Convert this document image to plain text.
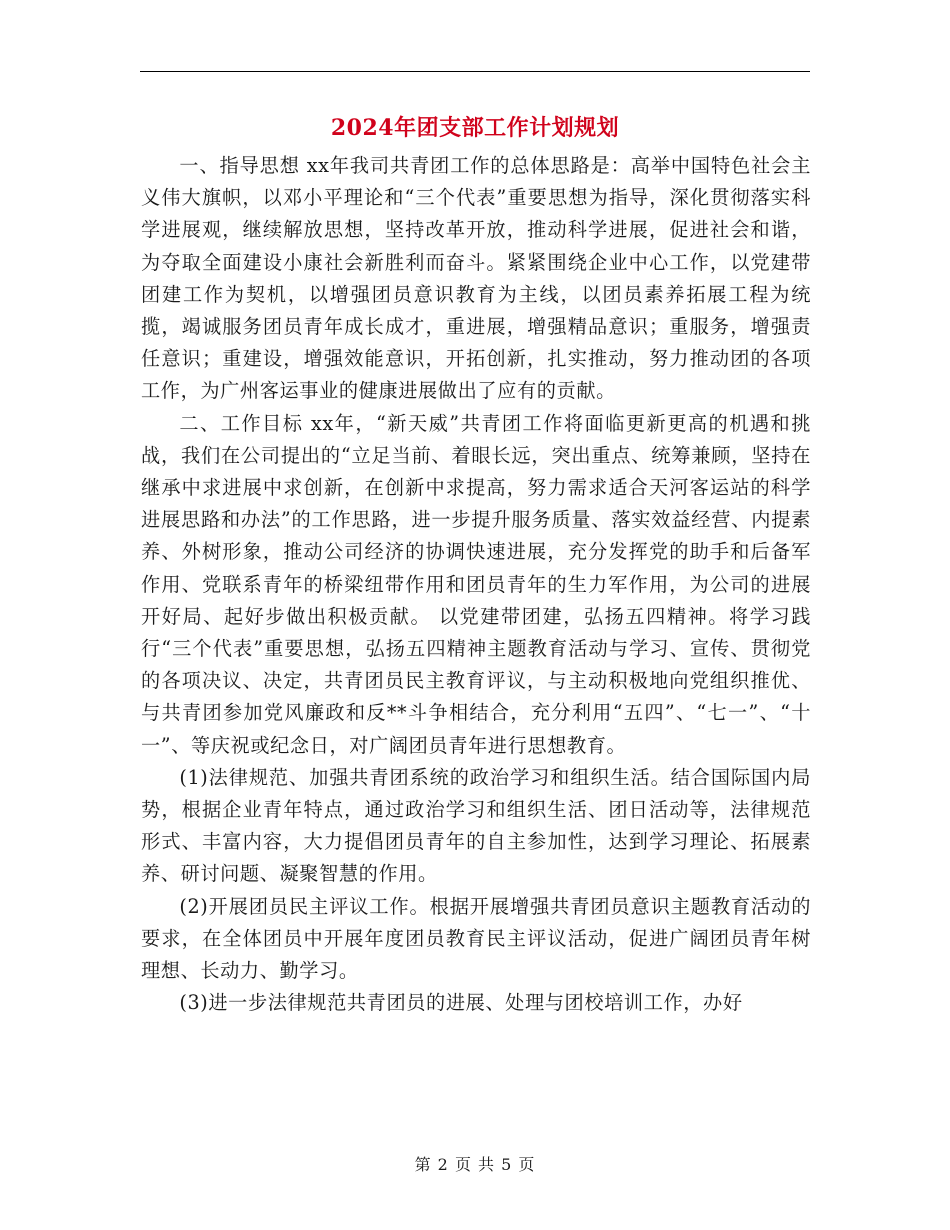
2024年团支部工作计划规划

一、指导思想 xx年我司共青团工作的总体思路是：高举中国特色社会主义伟大旗帜，以邓小平理论和“三个代表”重要思想为指导，深化贯彻落实科学进展观，继续解放思想，坚持改革开放，推动科学进展，促进社会和谐，为夺取全面建设小康社会新胜利而奋斗。紧紧围绕企业中心工作，以党建带团建工作为契机，以增强团员意识教育为主线，以团员素养拓展工程为统揽，竭诚服务团员青年成长成才，重进展，增强精品意识；重服务，增强责任意识；重建设，增强效能意识，开拓创新，扎实推动，努力推动团的各项工作，为广州客运事业的健康进展做出了应有的贡献。

二、工作目标 xx年，“新天威”共青团工作将面临更新更高的机遇和挑战，我们在公司提出的“立足当前、着眼长远，突出重点、统筹兼顾，坚持在继承中求进展中求创新，在创新中求提高，努力需求适合天河客运站的科学进展思路和办法”的工作思路，进一步提升服务质量、落实效益经营、内提素养、外树形象，推动公司经济的协调快速进展，充分发挥党的助手和后备军作用、党联系青年的桥梁纽带作用和团员青年的生力军作用，为公司的进展开好局、起好步做出积极贡献。 以党建带团建，弘扬五四精神。将学习践行“三个代表”重要思想，弘扬五四精神主题教育活动与学习、宣传、贯彻党的各项决议、决定，共青团员民主教育评议，与主动积极地向党组织推优、与共青团参加党风廉政和反**斗争相结合，充分利用“五四”、“七一”、“十一”、等庆祝或纪念日，对广阔团员青年进行思想教育。

(1)法律规范、加强共青团系统的政治学习和组织生活。结合国际国内局势，根据企业青年特点，通过政治学习和组织生活、团日活动等，法律规范形式、丰富内容，大力提倡团员青年的自主参加性，达到学习理论、拓展素养、研讨问题、凝聚智慧的作用。

(2)开展团员民主评议工作。根据开展增强共青团员意识主题教育活动的要求，在全体团员中开展年度团员教育民主评议活动，促进广阔团员青年树理想、长动力、勤学习。

(3)进一步法律规范共青团员的进展、处理与团校培训工作，办好

第 2 页 共 5 页
